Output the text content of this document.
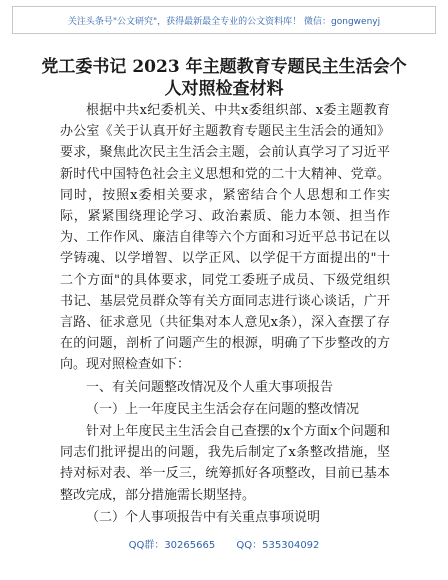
关注头条号"公文研究"，获得最新最全专业的公文资料库！ 微信：gongwenyj
党工委书记 2023 年主题教育专题民主生活会个人对照检查材料

根据中共x纪委机关、中共x委组织部、x委主题教育办公室《关于认真开好主题教育专题民主生活会的通知》要求，聚焦此次民主生活会主题，会前认真学习了习近平新时代中国特色社会主义思想和党的二十大精神、党章。同时，按照x委相关要求，紧密结合个人思想和工作实际，紧紧围绕理论学习、政治素质、能力本领、担当作为、工作作风、廉洁自律等六个方面和习近平总书记在以学铸魂、以学增智、以学正风、以学促干方面提出的"十二个方面"的具体要求，同党工委班子成员、下级党组织书记、基层党员群众等有关方面同志进行谈心谈话，广开言路、征求意见（共征集对本人意见x条），深入查摆了存在的问题，剖析了问题产生的根源，明确了下步整改的方向。现对照检查如下：

一、有关问题整改情况及个人重大事项报告

（一）上一年度民主生活会存在问题的整改情况

针对上年度民主生活会自己查摆的x个方面x个问题和同志们批评提出的问题，我先后制定了x条整改措施，坚持对标对表、举一反三，统筹抓好各项整改，目前已基本整改完成，部分措施需长期坚持。

（二）个人事项报告中有关重点事项说明

QQ群：30265665 QQ：535304092
